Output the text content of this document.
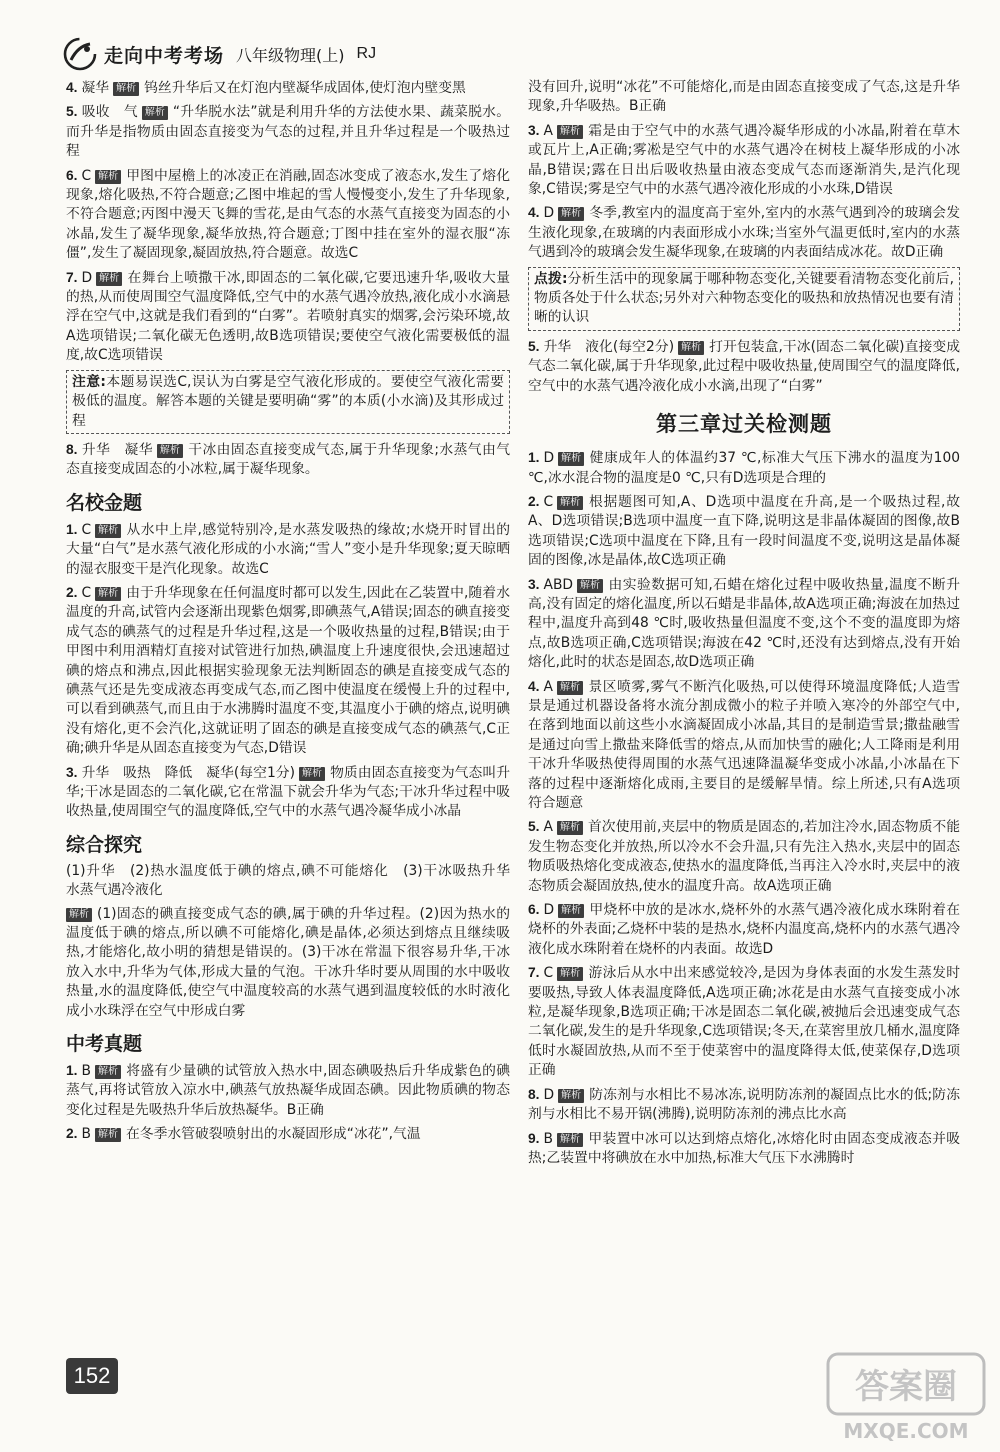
走向中考考场 八年级物理(上) RJ
4. 凝华 解析 钨丝升华后又在灯泡内壁凝华成固体,使灯泡内壁变黑
5. 吸收　气 解析 “升华脱水法”就是利用升华的方法使水果、蔬菜脱水。而升华是指物质由固态直接变为气态的过程,并且升华过程是一个吸热过程
6. C 解析 甲图中屋檐上的冰凌正在消融,固态冰变成了液态水,发生了熔化现象,熔化吸热,不符合题意;乙图中堆起的雪人慢慢变小,发生了升华现象,不符合题意;丙图中漫天飞舞的雪花,是由气态的水蒸气直接变为固态的小冰晶,发生了凝华现象,凝华放热,符合题意;丁图中挂在室外的湿衣服“冻僵”,发生了凝固现象,凝固放热,符合题意。故选C
7. D 解析 在舞台上喷撒干冰,即固态的二氧化碳,它要迅速升华,吸收大量的热,从而使周围空气温度降低,空气中的水蒸气遇冷放热,液化成小水滴悬浮在空气中,这就是我们看到的“白雾”。若喷射真实的烟雾,会污染环境,故A选项错误;二氧化碳无色透明,故B选项错误;要使空气液化需要极低的温度,故C选项错误
注意:本题易误选C,误认为白雾是空气液化形成的。要使空气液化需要极低的温度。解答本题的关键是要明确“雾”的本质(小水滴)及其形成过程
8. 升华　凝华 解析 干冰由固态直接变成气态,属于升华现象;水蒸气由气态直接变成固态的小冰粒,属于凝华现象。
名校金题
1. C 解析 从水中上岸,感觉特别冷,是水蒸发吸热的缘故;水烧开时冒出的大量“白气”是水蒸气液化形成的小水滴;“雪人”变小是升华现象;夏天晾晒的湿衣服变干是汽化现象。故选C
2. C 解析 由于升华现象在任何温度时都可以发生,因此在乙装置中,随着水温度的升高,试管内会逐渐出现紫色烟雾,即碘蒸气,A错误;固态的碘直接变成气态的碘蒸气的过程是升华过程,这是一个吸收热量的过程,B错误;由于甲图中利用酒精灯直接对试管进行加热,碘温度上升速度很快,会迅速超过碘的熔点和沸点,因此根据实验现象无法判断固态的碘是直接变成气态的碘蒸气还是先变成液态再变成气态,而乙图中使温度在缓慢上升的过程中,可以看到碘蒸气,而且由于水沸腾时温度不变,其温度小于碘的熔点,说明碘没有熔化,更不会汽化,这就证明了固态的碘是直接变成气态的碘蒸气,C正确;碘升华是从固态直接变为气态,D错误
3. 升华　吸热　降低　凝华(每空1分) 解析 物质由固态直接变为气态叫升华;干冰是固态的二氧化碳,它在常温下就会升华为气态;干冰升华过程中吸收热量,使周围空气的温度降低,空气中的水蒸气遇冷凝华成小冰晶
综合探究
(1)升华　(2)热水温度低于碘的熔点,碘不可能熔化　(3)干冰吸热升华　水蒸气遇冷液化
解析 (1)固态的碘直接变成气态的碘,属于碘的升华过程。(2)因为热水的温度低于碘的熔点,所以碘不可能熔化,碘是晶体,必须达到熔点且继续吸热,才能熔化,故小明的猜想是错误的。(3)干冰在常温下很容易升华,干冰放入水中,升华为气体,形成大量的气泡。干冰升华时要从周围的水中吸收热量,水的温度降低,使空气中温度较高的水蒸气遇到温度较低的水时液化成小水珠浮在空气中形成白雾
中考真题
1. B 解析 将盛有少量碘的试管放入热水中,固态碘吸热后升华成紫色的碘蒸气,再将试管放入凉水中,碘蒸气放热凝华成固态碘。因此物质碘的物态变化过程是先吸热升华后放热凝华。B正确
2. B 解析 在冬季水管破裂喷射出的水凝固形成“冰花”,气温
没有回升,说明“冰花”不可能熔化,而是由固态直接变成了气态,这是升华现象,升华吸热。B正确
3. A 解析 霜是由于空气中的水蒸气遇冷凝华形成的小冰晶,附着在草木或瓦片上,A正确;雾凇是空气中的水蒸气遇冷在树枝上凝华形成的小冰晶,B错误;露在日出后吸收热量由液态变成气态而逐渐消失,是汽化现象,C错误;雾是空气中的水蒸气遇冷液化形成的小水珠,D错误
4. D 解析 冬季,教室内的温度高于室外,室内的水蒸气遇到冷的玻璃会发生液化现象,在玻璃的内表面形成小水珠;当室外气温更低时,室内的水蒸气遇到冷的玻璃会发生凝华现象,在玻璃的内表面结成冰花。故D正确
点拨:分析生活中的现象属于哪种物态变化,关键要看清物态变化前后,物质各处于什么状态;另外对六种物态变化的吸热和放热情况也要有清晰的认识
5. 升华　液化(每空2分) 解析 打开包装盒,干冰(固态二氧化碳)直接变成气态二氧化碳,属于升华现象,此过程中吸收热量,使周围空气的温度降低,空气中的水蒸气遇冷液化成小水滴,出现了“白雾”
第三章过关检测题
1. D 解析 健康成年人的体温约37 ℃,标准大气压下沸水的温度为100 ℃,冰水混合物的温度是0 ℃,只有D选项是合理的
2. C 解析 根据题图可知,A、D选项中温度在升高,是一个吸热过程,故A、D选项错误;B选项中温度一直下降,说明这是非晶体凝固的图像,故B选项错误;C选项中温度在下降,且有一段时间温度不变,说明这是晶体凝固的图像,冰是晶体,故C选项正确
3. ABD 解析 由实验数据可知,石蜡在熔化过程中吸收热量,温度不断升高,没有固定的熔化温度,所以石蜡是非晶体,故A选项正确;海波在加热过程中,温度升高到48 ℃时,吸收热量但温度不变,这个不变的温度即为熔点,故B选项正确,C选项错误;海波在42 ℃时,还没有达到熔点,没有开始熔化,此时的状态是固态,故D选项正确
4. A 解析 景区喷雾,雾气不断汽化吸热,可以使得环境温度降低;人造雪景是通过机器设备将水流分割成微小的粒子并喷入寒冷的外部空气中,在落到地面以前这些小水滴凝固成小冰晶,其目的是制造雪景;撒盐融雪是通过向雪上撒盐来降低雪的熔点,从而加快雪的融化;人工降雨是利用干冰升华吸热使得周围的水蒸气迅速降温凝华变成小冰晶,小冰晶在下落的过程中逐渐熔化成雨,主要目的是缓解旱情。综上所述,只有A选项符合题意
5. A 解析 首次使用前,夹层中的物质是固态的,若加注冷水,固态物质不能发生物态变化并放热,所以冷水不会升温,只有先注入热水,夹层中的固态物质吸热熔化变成液态,使热水的温度降低,当再注入冷水时,夹层中的液态物质会凝固放热,使水的温度升高。故A选项正确
6. D 解析 甲烧杯中放的是冰水,烧杯外的水蒸气遇冷液化成水珠附着在烧杯的外表面;乙烧杯中装的是热水,烧杯内温度高,烧杯内的水蒸气遇冷液化成水珠附着在烧杯的内表面。故选D
7. C 解析 游泳后从水中出来感觉较冷,是因为身体表面的水发生蒸发时要吸热,导致人体表温度降低,A选项正确;冰花是由水蒸气直接变成小冰粒,是凝华现象,B选项正确;干冰是固态二氧化碳,被抛后会迅速变成气态二氧化碳,发生的是升华现象,C选项错误;冬天,在菜窖里放几桶水,温度降低时水凝固放热,从而不至于使菜窖中的温度降得太低,使菜保存,D选项正确
8. D 解析 防冻剂与水相比不易冰冻,说明防冻剂的凝固点比水的低;防冻剂与水相比不易开锅(沸腾),说明防冻剂的沸点比水高
9. B 解析 甲装置中冰可以达到熔点熔化,冰熔化时由固态变成液态并吸热;乙装置中将碘放在水中加热,标准大气压下水沸腾时
152	答案圈
MXQE.COM
